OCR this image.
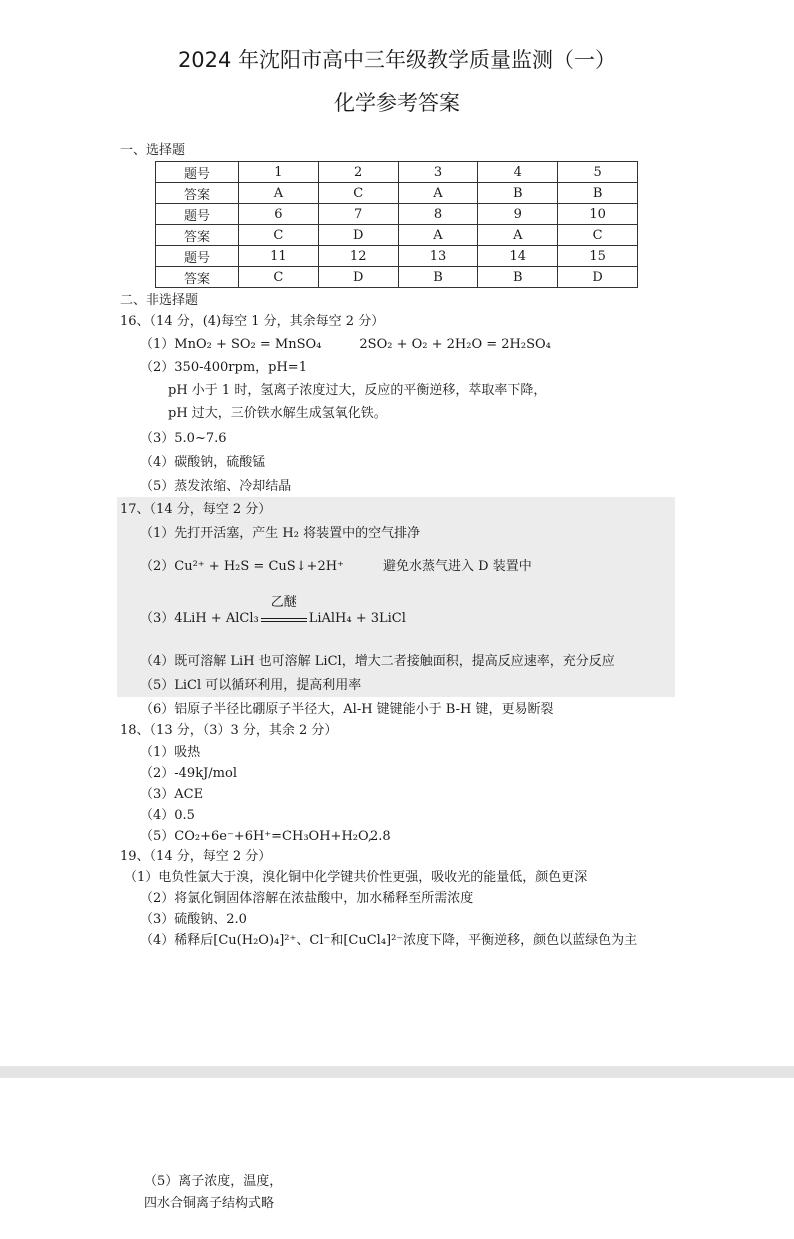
2024 年沈阳市高中三年级教学质量监测（一）
化学参考答案
一、选择题
题号	1	2	3	4	5
答案	A	C	A	B	B
题号	6	7	8	9	10
答案	C	D	A	A	C
题号	11	12	13	14	15
答案	C	D	B	B	D
二、非选择题
16、（14 分，(4)每空 1 分，其余每空 2 分）
（1）MnO₂ + SO₂ = MnSO₄	2SO₂ + O₂ + 2H₂O = 2H₂SO₄
（2）350-400rpm，pH=1
pH 小于 1 时，氢离子浓度过大，反应的平衡逆移，萃取率下降，
pH 过大，三价铁水解生成氢氧化铁。
（3）5.0~7.6
（4）碳酸钠，硫酸锰
（5）蒸发浓缩、冷却结晶
17、（14 分，每空 2 分）
（1）先打开活塞，产生 H₂ 将装置中的空气排净
（2）Cu²⁺ + H₂S = CuS↓+2H⁺	避免水蒸气进入 D 装置中
（3）4LiH + AlCl₃
乙醚
LiAlH₄ + 3LiCl
（4）既可溶解 LiH 也可溶解 LiCl，增大二者接触面积，提高反应速率，充分反应
（5）LiCl 可以循环利用，提高利用率
（6）铝原子半径比硼原子半径大，Al-H 键键能小于 B-H 键，更易断裂
18、（13 分，（3）3 分，其余 2 分）
（1）吸热
（2）-49kJ/mol
（3）ACE
（4）0.5
（5）CO₂+6e⁻+6H⁺=CH₃OH+H₂O,
2.8
19、（14 分，每空 2 分）
（1）电负性氯大于溴，溴化铜中化学键共价性更强，吸收光的能量低，颜色更深
（2）将氯化铜固体溶解在浓盐酸中，加水稀释至所需浓度
（3）硫酸钠、2.0
（4）稀释后[Cu(H₂O)₄]²⁺、Cl⁻和[CuCl₄]²⁻浓度下降，平衡逆移，颜色以蓝绿色为主
（5）离子浓度，温度，
四水合铜离子结构式略
